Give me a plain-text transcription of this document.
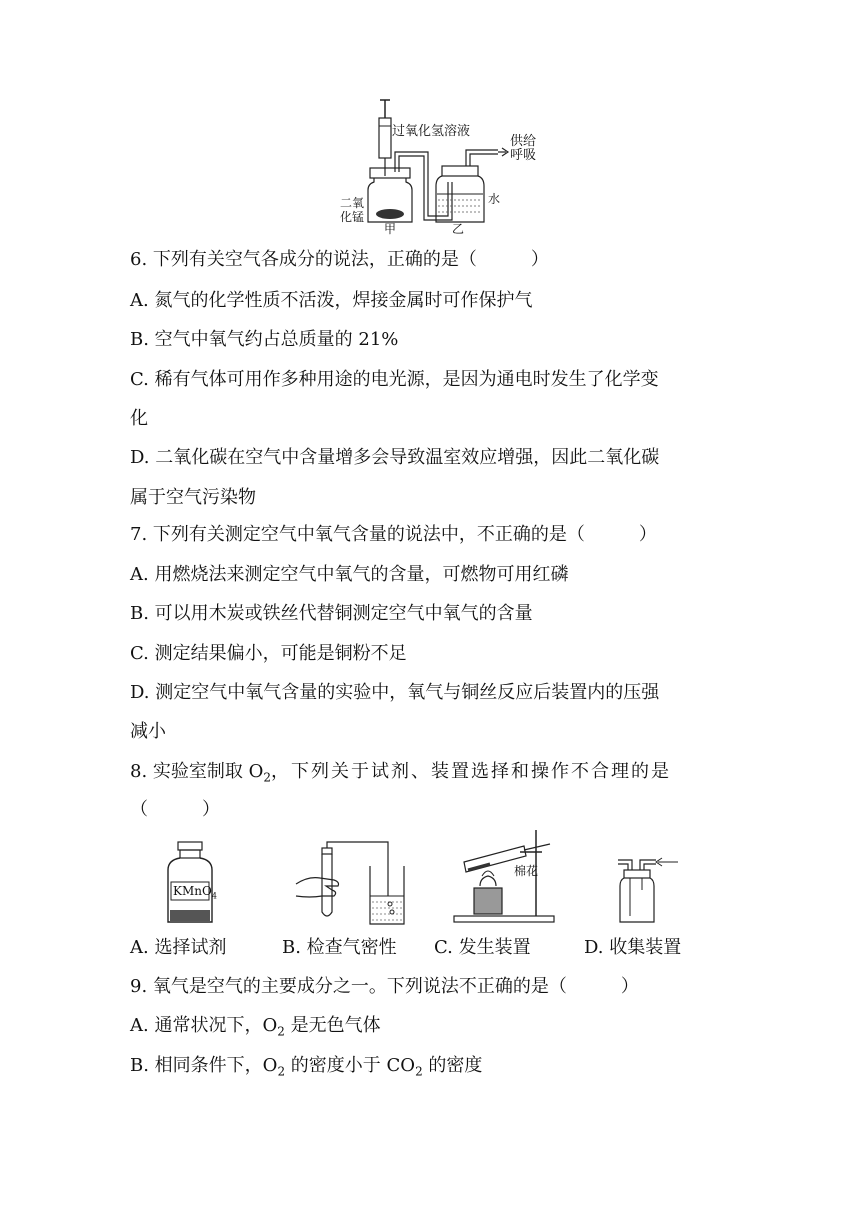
过氧化氢溶液
供给
呼吸
二氧
化锰
水
甲	乙
6. 下列有关空气各成分的说法，正确的是（　　　）
A. 氮气的化学性质不活泼，焊接金属时可作保护气
B. 空气中氧气约占总质量的 21%
C. 稀有气体可用作多种用途的电光源，是因为通电时发生了化学变
化
D. 二氧化碳在空气中含量增多会导致温室效应增强，因此二氧化碳
属于空气污染物
7. 下列有关测定空气中氧气含量的说法中，不正确的是（　　　）
A. 用燃烧法来测定空气中氧气的含量，可燃物可用红磷
B. 可以用木炭或铁丝代替铜测定空气中氧气的含量
C. 测定结果偏小，可能是铜粉不足
D. 测定空气中氧气含量的实验中，氧气与铜丝反应后装置内的压强
减小
8. 实验室制取 $O_2$，下列关于试剂、装置选择和操作不合理的是
（　　　）
KMnO$_4$
棉花
A. 选择试剂	B. 检查气密性 C. 发生装置	D. 收集装置
9. 氧气是空气的主要成分之一。下列说法不正确的是（　　　）
A. 通常状况下，$O_2$ 是无色气体
B. 相同条件下，$O_2$ 的密度小于 $CO_2$ 的密度
